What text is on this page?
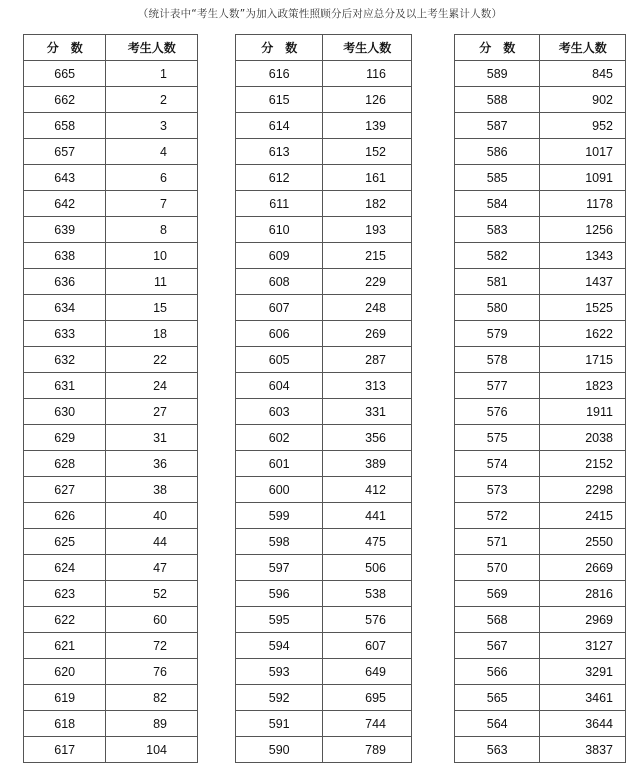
（统计表中“考生人数”为加入政策性照顾分后对应总分及以上考生累计人数）
分　数	考生人数
665	1
662	2
658	3
657	4
643	6
642	7
639	8
638	10
636	11
634	15
633	18
632	22
631	24
630	27
629	31
628	36
627	38
626	40
625	44
624	47
623	52
622	60
621	72
620	76
619	82
618	89
617	104
分　数	考生人数
616	116
615	126
614	139
613	152
612	161
611	182
610	193
609	215
608	229
607	248
606	269
605	287
604	313
603	331
602	356
601	389
600	412
599	441
598	475
597	506
596	538
595	576
594	607
593	649
592	695
591	744
590	789
分　数	考生人数
589	845
588	902
587	952
586	1017
585	1091
584	1178
583	1256
582	1343
581	1437
580	1525
579	1622
578	1715
577	1823
576	1911
575	2038
574	2152
573	2298
572	2415
571	2550
570	2669
569	2816
568	2969
567	3127
566	3291
565	3461
564	3644
563	3837
